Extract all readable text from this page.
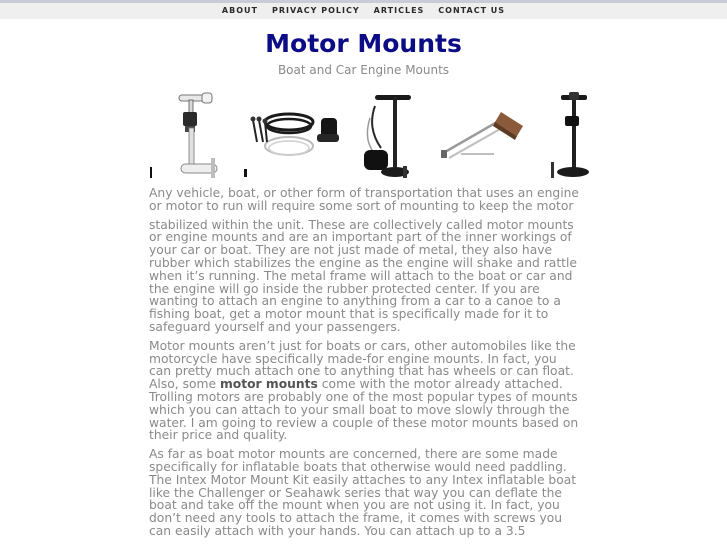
ABOUT PRIVACY POLICY ARTICLES CONTACT US
Motor Mounts
Boat and Car Engine Mounts

Any vehicle, boat, or other form of transportation that uses an engine or motor to run will require some sort of mounting to keep the motor

stabilized within the unit. These are collectively called motor mounts or engine mounts and are an important part of the inner workings of your car or boat. They are not just made of metal, they also have rubber which stabilizes the engine as the engine will shake and rattle when it’s running. The metal frame will attach to the boat or car and the engine will go inside the rubber protected center. If you are wanting to attach an engine to anything from a car to a canoe to a fishing boat, get a motor mount that is specifically made for it to safeguard yourself and your passengers.

Motor mounts aren’t just for boats or cars, other automobiles like the motorcycle have specifically made-for engine mounts. In fact, you can pretty much attach one to anything that has wheels or can float. Also, some motor mounts come with the motor already attached. Trolling motors are probably one of the most popular types of mounts which you can attach to your small boat to move slowly through the water. I am going to review a couple of these motor mounts based on their price and quality.

As far as boat motor mounts are concerned, there are some made specifically for inflatable boats that otherwise would need paddling. The Intex Motor Mount Kit easily attaches to any Intex inflatable boat like the Challenger or Seahawk series that way you can deflate the boat and take off the mount when you are not using it. In fact, you don’t need any tools to attach the frame, it comes with screws you can easily attach with your hands. You can attach up to a 3.5
